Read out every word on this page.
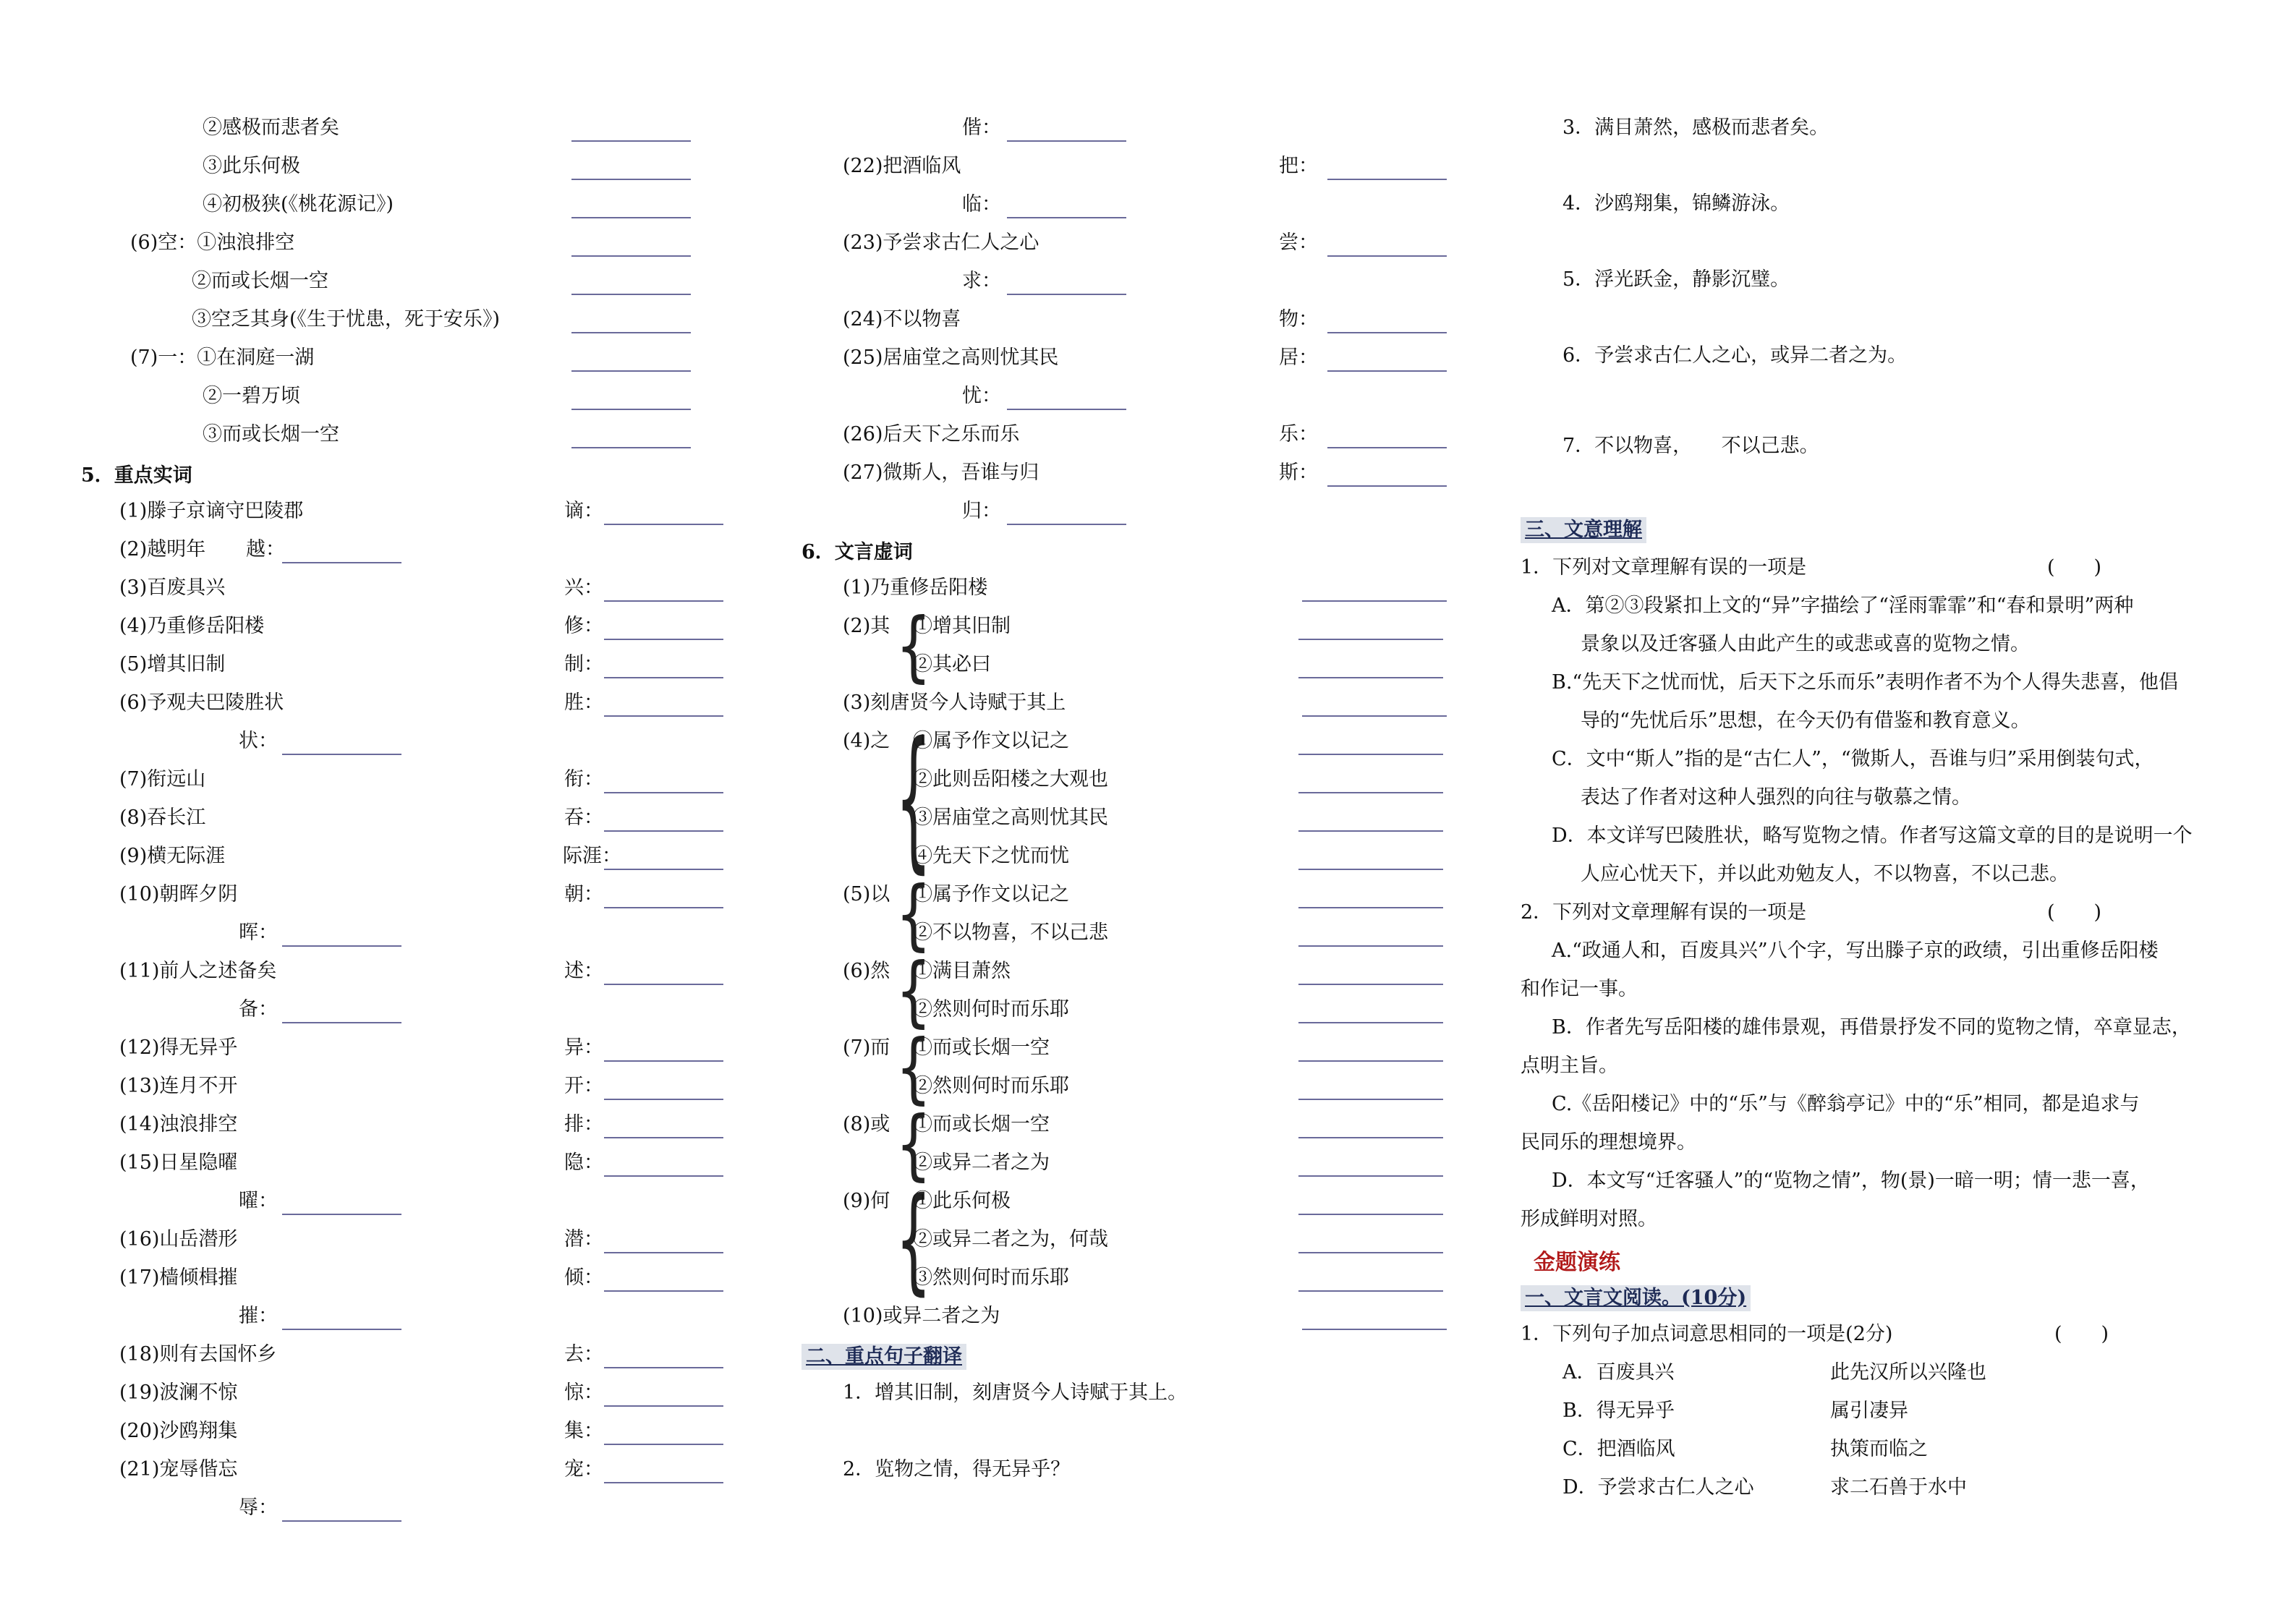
②感极而悲者矣
③此乐何极
④初极狭(《桃花源记》)
(6)空：①浊浪排空
②而或长烟一空
③空乏其身(《生于忧患，死于安乐》)
(7)一：①在洞庭一湖
②一碧万顷
③而或长烟一空
5．重点实词
(1)滕子京谪守巴陵郡	谪：
(2)越明年 越：
(3)百废具兴	兴：
(4)乃重修岳阳楼	修：
(5)增其旧制	制：
(6)予观夫巴陵胜状	胜：
状：
(7)衔远山	衔：
(8)吞长江	吞：
(9)横无际涯	际涯：
(10)朝晖夕阴	朝：
晖：
(11)前人之述备矣	述：
备：
(12)得无异乎	异：
(13)连月不开	开：
(14)浊浪排空	排：
(15)日星隐曜	隐：
曜：
(16)山岳潜形	潜：
(17)樯倾楫摧	倾：
摧：
(18)则有去国怀乡	去：
(19)波澜不惊	惊：
(20)沙鸥翔集	集：
(21)宠辱偕忘	宠：
辱：
偕：
(22)把酒临风	把：
临：
(23)予尝求古仁人之心	尝：
求：
(24)不以物喜	物：
(25)居庙堂之高则忧其民	居：
忧：
(26)后天下之乐而乐	乐：
(27)微斯人，吾谁与归	斯：
归：
6．文言虚词
(1)乃重修岳阳楼
(2)其 {
①增其旧制
②其必曰
(3)刻唐贤今人诗赋于其上
(4)之 {
①属予作文以记之
②此则岳阳楼之大观也
③居庙堂之高则忧其民
④先天下之忧而忧
(5)以 {
①属予作文以记之
②不以物喜，不以己悲
(6)然 {
①满目萧然
②然则何时而乐耶
(7)而 {
①而或长烟一空
②然则何时而乐耶
(8)或 {
①而或长烟一空
②或异二者之为
(9)何 {
①此乐何极
②或异二者之为，何哉
③然则何时而乐耶
(10)或异二者之为
二、重点句子翻译
1．增其旧制，刻唐贤今人诗赋于其上。
2．览物之情，得无异乎？
3．满目萧然，感极而悲者矣。
4．沙鸥翔集，锦鳞游泳。
5．浮光跃金，静影沉璧。
6．予尝求古仁人之心，或异二者之为。
7．不以物喜，　　不以己悲。
三、文意理解
1．下列对文章理解有误的一项是	(　　)
A．第②③段紧扣上文的“异”字描绘了“淫雨霏霏”和“春和景明”两种
景象以及迁客骚人由此产生的或悲或喜的览物之情。
B.“先天下之忧而忧，后天下之乐而乐”表明作者不为个人得失悲喜，他倡
导的“先忧后乐”思想，在今天仍有借鉴和教育意义。
C．文中“斯人”指的是“古仁人”，“微斯人，吾谁与归”采用倒装句式，
表达了作者对这种人强烈的向往与敬慕之情。
D．本文详写巴陵胜状，略写览物之情。作者写这篇文章的目的是说明一个
人应心忧天下，并以此劝勉友人，不以物喜，不以己悲。
2．下列对文章理解有误的一项是	(　　)
A.“政通人和，百废具兴”八个字，写出滕子京的政绩，引出重修岳阳楼
和作记一事。
B．作者先写岳阳楼的雄伟景观，再借景抒发不同的览物之情，卒章显志，
点明主旨。
C.《岳阳楼记》中的“乐”与《醉翁亭记》中的“乐”相同，都是追求与
民同乐的理想境界。
D．本文写“迁客骚人”的“览物之情”，物(景)一暗一明；情一悲一喜，
形成鲜明对照。
金题演练
一、文言文阅读。(10分)
1．下列句子加点词意思相同的一项是(2分)	(　　)
A．百废具兴	此先汉所以兴隆也
B．得无异乎	属引凄异
C．把酒临风	执策而临之
D．予尝求古仁人之心	求二石兽于水中
